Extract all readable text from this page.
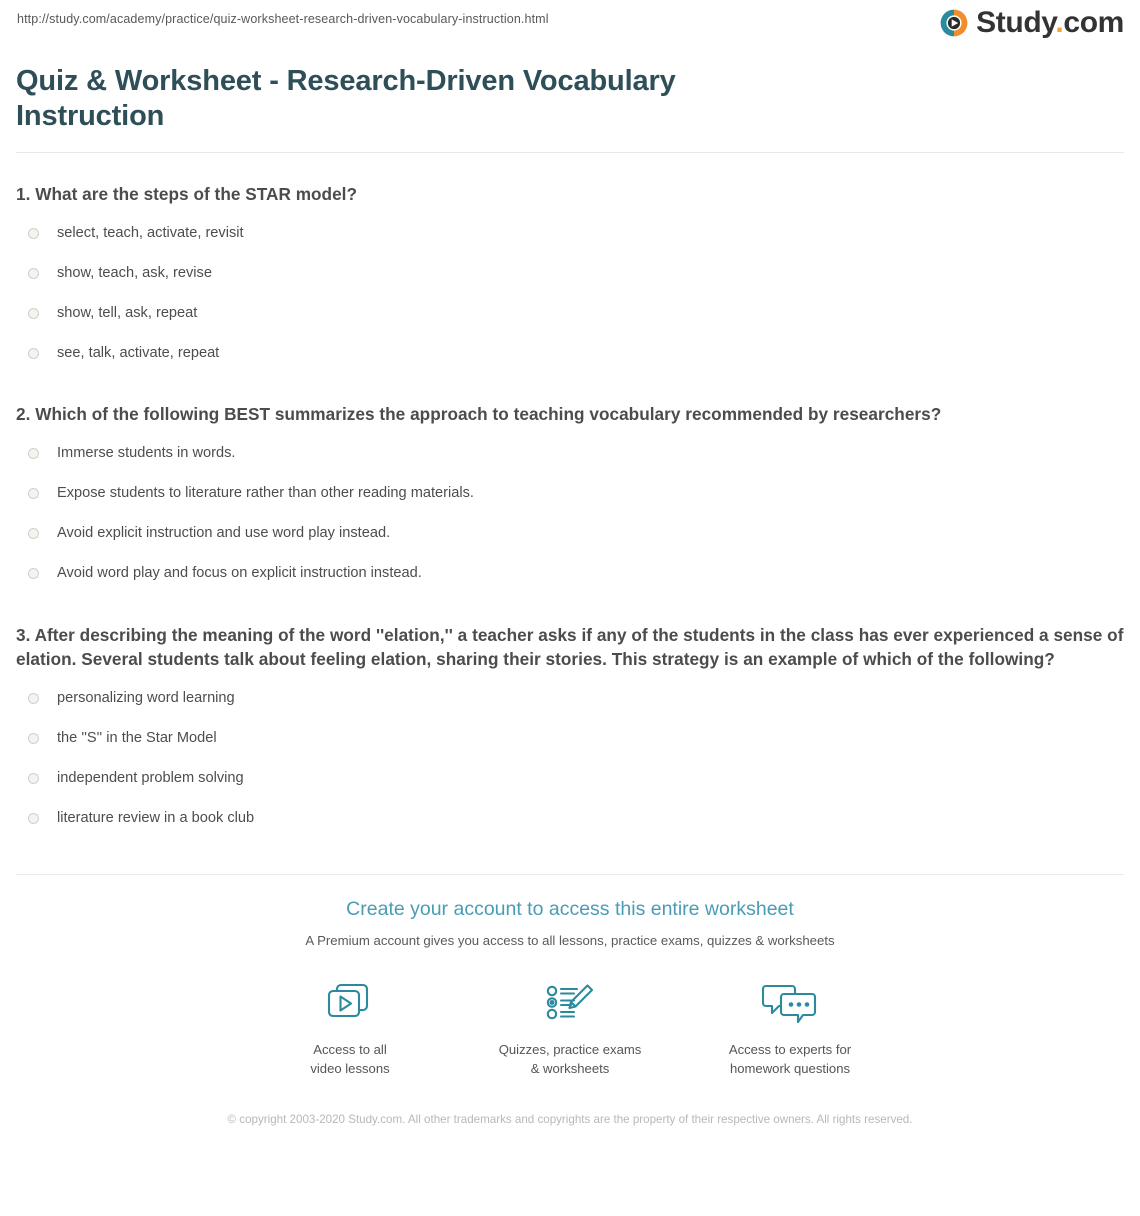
http://study.com/academy/practice/quiz-worksheet-research-driven-vocabulary-instruction.html	Study.com
Quiz & Worksheet - Research-Driven Vocabulary Instruction

1. What are the steps of the STAR model?

select, teach, activate, revisit
show, teach, ask, revise
show, tell, ask, repeat
see, talk, activate, repeat

2. Which of the following BEST summarizes the approach to teaching vocabulary recommended by researchers?

Immerse students in words.
Expose students to literature rather than other reading materials.
Avoid explicit instruction and use word play instead.
Avoid word play and focus on explicit instruction instead.

3. After describing the meaning of the word ''elation,'' a teacher asks if any of the students in the class has ever experienced a sense of elation. Several students talk about feeling elation, sharing their stories. This strategy is an example of which of the following?

personalizing word learning
the ''S'' in the Star Model
independent problem solving
literature review in a book club
Create your account to access this entire worksheet
A Premium account gives you access to all lessons, practice exams, quizzes & worksheets
Access to all
video lessons
Quizzes, practice exams
& worksheets
Access to experts for
homework questions
© copyright 2003-2020 Study.com. All other trademarks and copyrights are the property of their respective owners. All rights reserved.
